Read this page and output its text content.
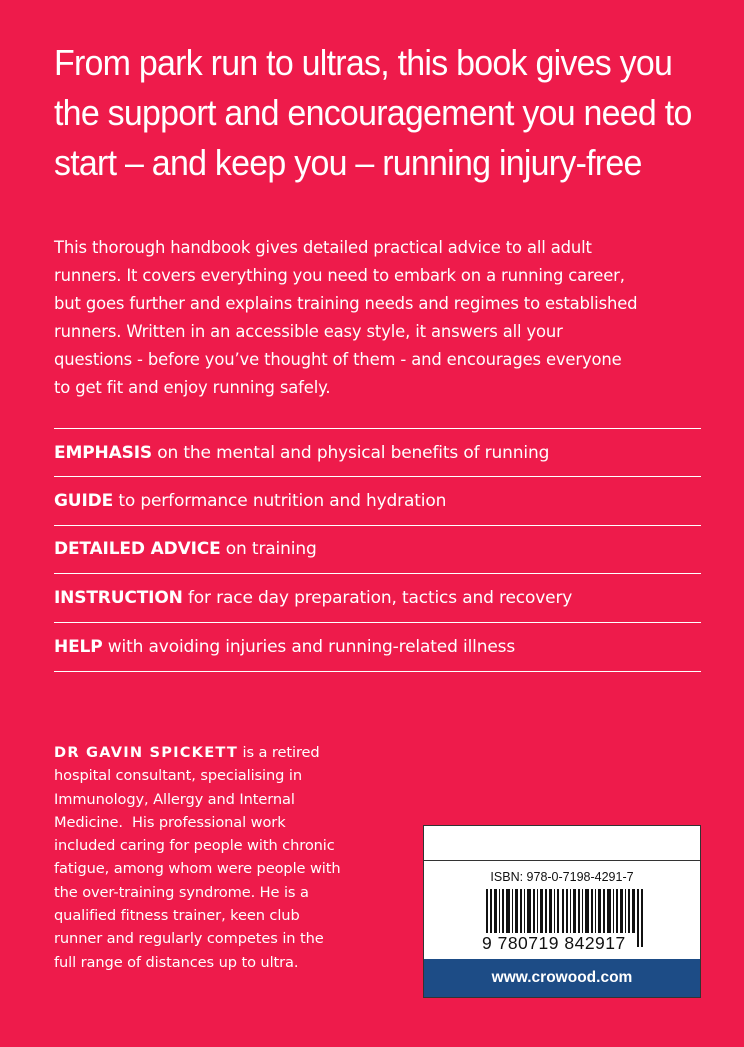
From park run to ultras, this book gives you
the support and encouragement you need to
start – and keep you – running injury-free
This thorough handbook gives detailed practical advice to all adult
runners. It covers everything you need to embark on a running career,
but goes further and explains training needs and regimes to established
runners. Written in an accessible easy style, it answers all your
questions - before you’ve thought of them - and encourages everyone
to get fit and enjoy running safely.
EMPHASIS on the mental and physical benefits of running
GUIDE to performance nutrition and hydration
DETAILED ADVICE on training
INSTRUCTION for race day preparation, tactics and recovery
HELP with avoiding injuries and running-related illness
DR GAVIN SPICKETT is a retired
hospital consultant, specialising in
Immunology, Allergy and Internal
Medicine.  His professional work
included caring for people with chronic
fatigue, among whom were people with
the over-training syndrome. He is a
qualified fitness trainer, keen club
runner and regularly competes in the
full range of distances up to ultra.
ISBN: 978-0-7198-4291-7
9 780719 842917
www.crowood.com
